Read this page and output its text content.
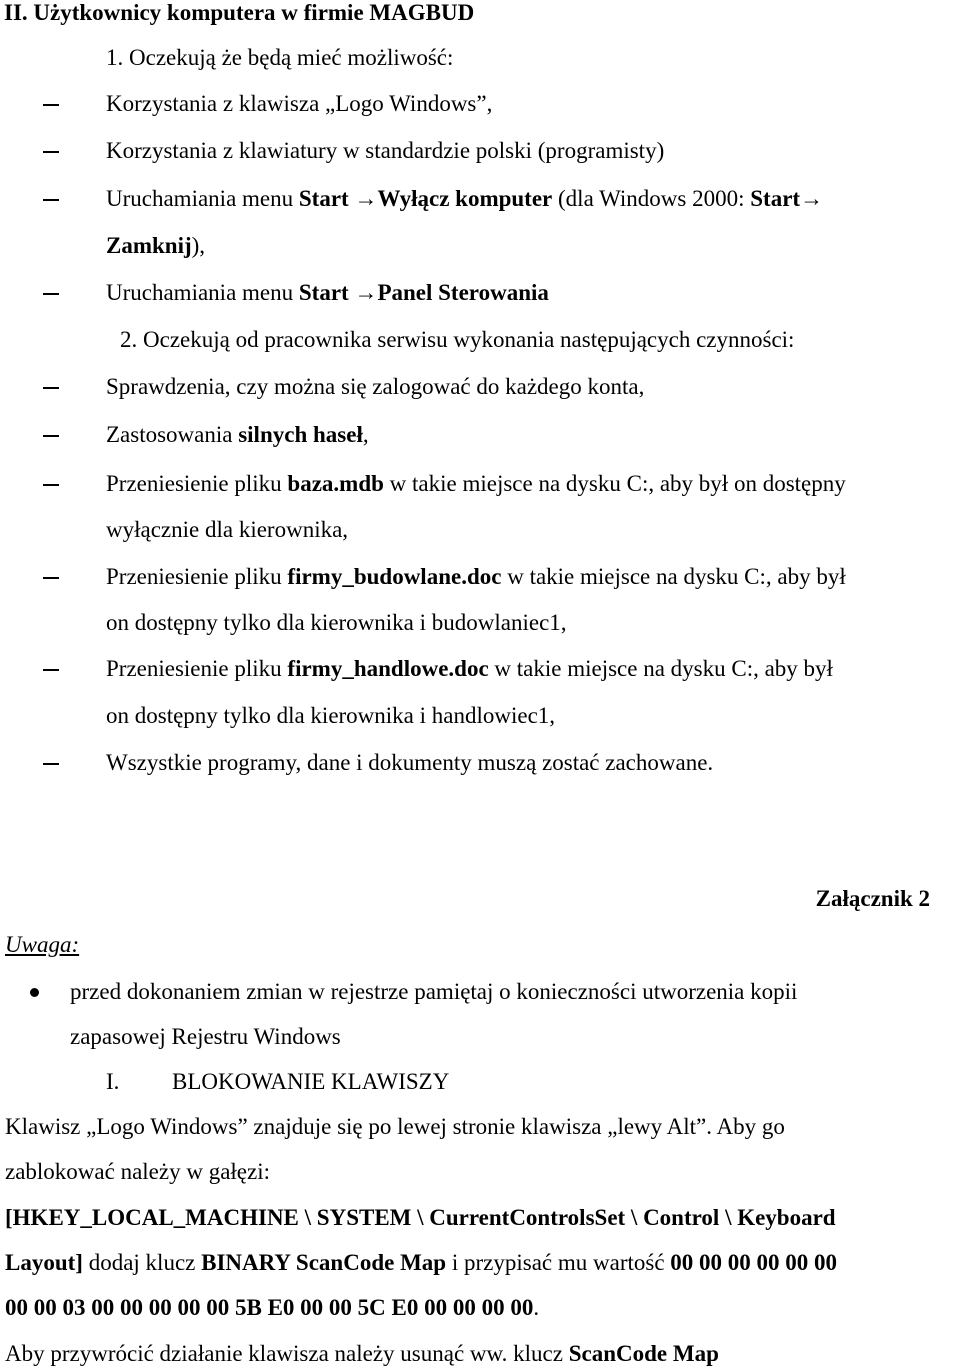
II. Użytkownicy komputera w firmie MAGBUD
1. Oczekują że będą mieć możliwość:
Korzystania z klawisza „Logo Windows”,
Korzystania z klawiatury w standardzie polski (programisty)
Uruchamiania menu Start →Wyłącz komputer (dla Windows 2000: Start→
Zamknij),
Uruchamiania menu Start →Panel Sterowania
2. Oczekują od pracownika serwisu wykonania następujących czynności:
Sprawdzenia, czy można się zalogować do każdego konta,
Zastosowania silnych haseł,
Przeniesienie pliku baza.mdb w takie miejsce na dysku C:, aby był on dostępny
wyłącznie dla kierownika,
Przeniesienie pliku firmy_budowlane.doc w takie miejsce na dysku C:, aby był
on dostępny tylko dla kierownika i budowlaniec1,
Przeniesienie pliku firmy_handlowe.doc w takie miejsce na dysku C:, aby był
on dostępny tylko dla kierownika i handlowiec1,
Wszystkie programy, dane i dokumenty muszą zostać zachowane.
Załącznik 2
Uwaga:
przed dokonaniem zmian w rejestrze pamiętaj o konieczności utworzenia kopii
zapasowej Rejestru Windows
I. BLOKOWANIE KLAWISZY
Klawisz „Logo Windows” znajduje się po lewej stronie klawisza „lewy Alt”. Aby go
zablokować należy w gałęzi:
[HKEY_LOCAL_MACHINE \ SYSTEM \ CurrentControlsSet \ Control \ Keyboard
Layout] dodaj klucz BINARY ScanCode Map i przypisać mu wartość 00 00 00 00 00 00
00 00 03 00 00 00 00 00 5B E0 00 00 5C E0 00 00 00 00.
Aby przywrócić działanie klawisza należy usunąć ww. klucz ScanCode Map
